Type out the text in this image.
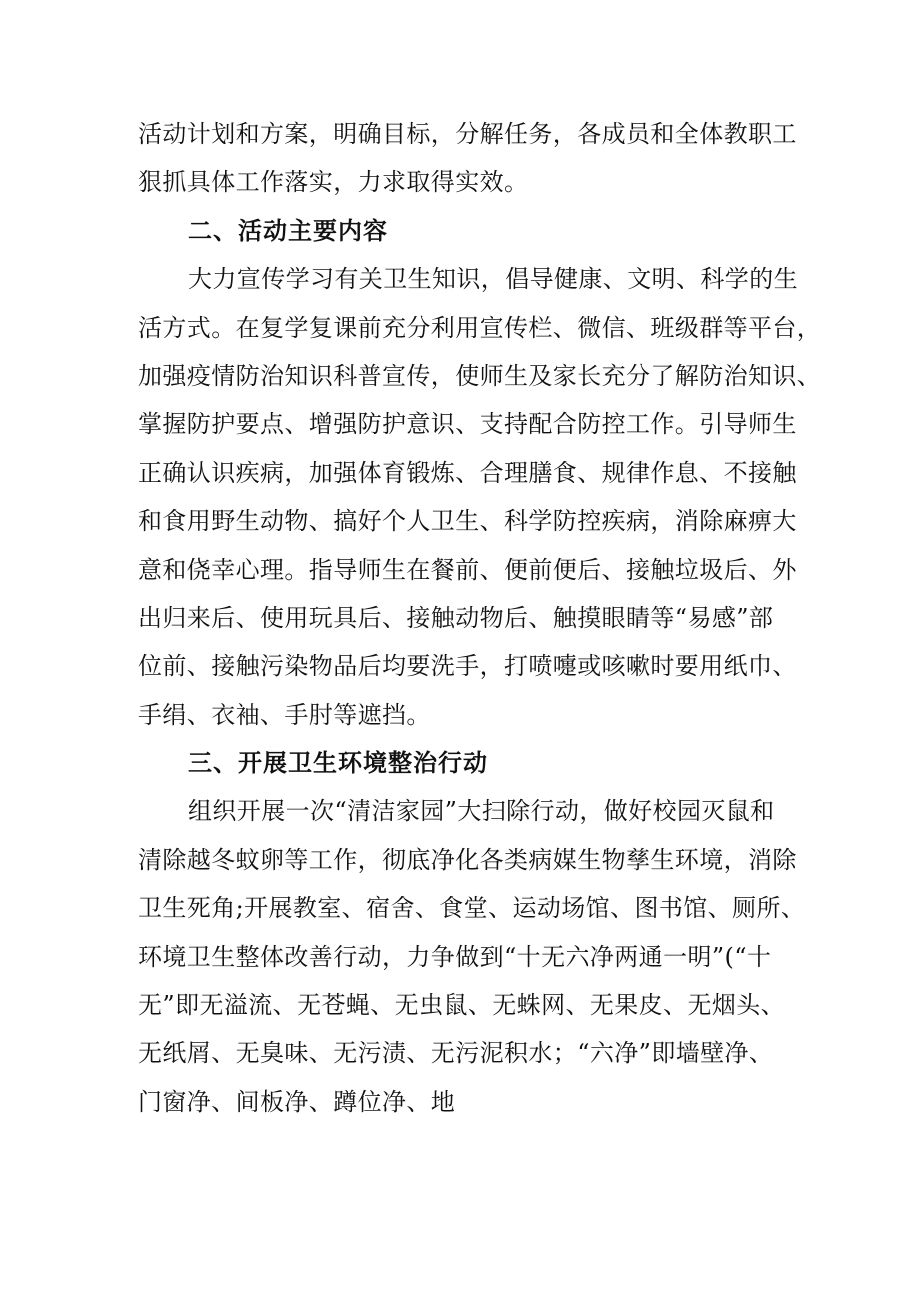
活动计划和方案，明确目标，分解任务，各成员和全体教职工
狠抓具体工作落实，力求取得实效。
二、活动主要内容
大力宣传学习有关卫生知识，倡导健康、文明、科学的生
活方式。在复学复课前充分利用宣传栏、微信、班级群等平台，
加强疫情防治知识科普宣传，使师生及家长充分了解防治知识、
掌握防护要点、增强防护意识、支持配合防控工作。引导师生
正确认识疾病，加强体育锻炼、合理膳食、规律作息、不接触
和食用野生动物、搞好个人卫生、科学防控疾病，消除麻痹大
意和侥幸心理。指导师生在餐前、便前便后、接触垃圾后、外
出归来后、使用玩具后、接触动物后、触摸眼睛等“易感”部
位前、接触污染物品后均要洗手，打喷嚏或咳嗽时要用纸巾、
手绢、衣袖、手肘等遮挡。
三、开展卫生环境整治行动
组织开展一次“清洁家园”大扫除行动，做好校园灭鼠和
清除越冬蚊卵等工作，彻底净化各类病媒生物孳生环境，消除
卫生死角;开展教室、宿舍、食堂、运动场馆、图书馆、厕所、
环境卫生整体改善行动，力争做到“十无六净两通一明”(“十
无”即无溢流、无苍蝇、无虫鼠、无蛛网、无果皮、无烟头、
无纸屑、无臭味、无污渍、无污泥积水；“六净”即墙壁净、
门窗净、间板净、蹲位净、地
